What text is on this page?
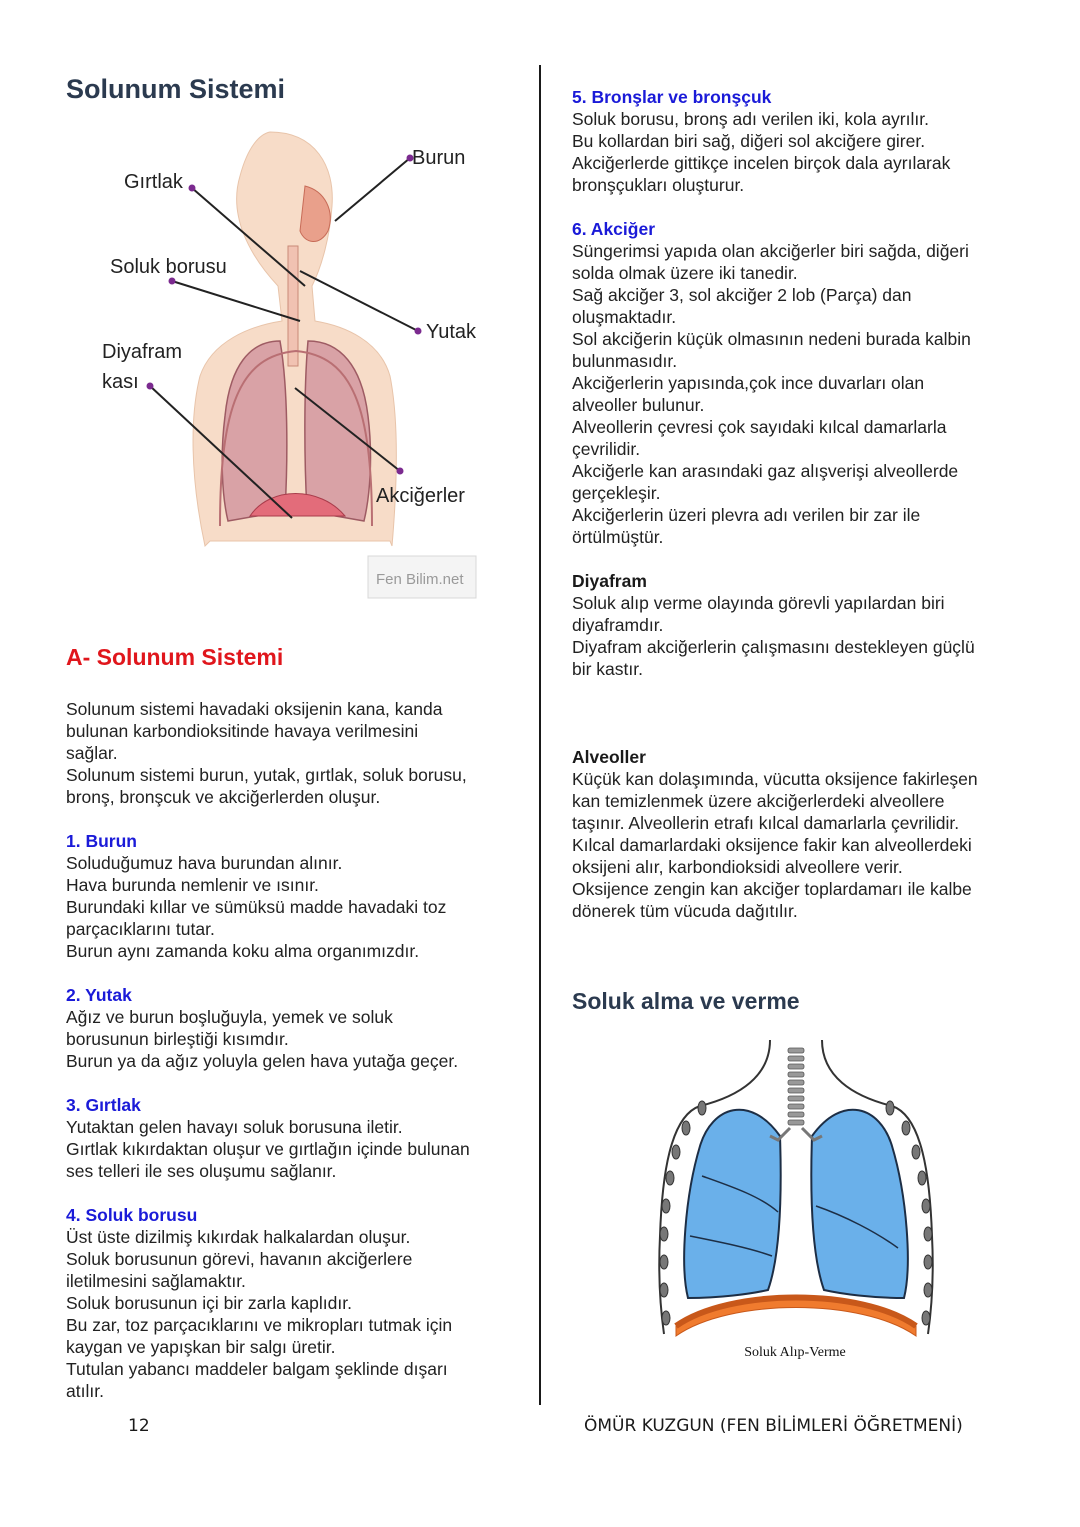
Solunum Sistemi
Gırtlak
Burun
Soluk borusu
Yutak
Diyafram
kası
Akciğerler
Fen Bilim.net
A- Solunum Sistemi
Solunum sistemi havadaki oksijenin kana, kanda
bulunan karbondioksitinde havaya verilmesini
sağlar.
Solunum sistemi burun, yutak, gırtlak, soluk borusu,
bronş, bronşcuk ve akciğerlerden oluşur.
1. Burun
Soluduğumuz hava burundan alınır.
Hava burunda nemlenir ve ısınır.
Burundaki kıllar ve sümüksü madde havadaki toz
parçacıklarını tutar.
Burun aynı zamanda koku alma organımızdır.
2. Yutak
Ağız ve burun boşluğuyla, yemek ve soluk
borusunun birleştiği kısımdır.
Burun ya da ağız yoluyla gelen hava yutağa geçer.
3. Gırtlak
Yutaktan gelen havayı soluk borusuna iletir.
Gırtlak kıkırdaktan oluşur ve gırtlağın içinde bulunan
ses telleri ile ses oluşumu sağlanır.
4. Soluk borusu
Üst üste dizilmiş kıkırdak halkalardan oluşur.
Soluk borusunun görevi, havanın akciğerlere
iletilmesini sağlamaktır.
Soluk borusunun içi bir zarla kaplıdır.
Bu zar, toz parçacıklarını ve mikropları tutmak için
kaygan ve yapışkan bir salgı üretir.
Tutulan yabancı maddeler balgam şeklinde dışarı
atılır.
5. Bronşlar ve bronşçuk
Soluk borusu, bronş adı verilen iki, kola ayrılır.
Bu kollardan biri sağ, diğeri sol akciğere girer.
Akciğerlerde gittikçe incelen birçok dala ayrılarak
bronşçukları oluşturur.
6. Akciğer
Süngerimsi yapıda olan akciğerler biri sağda, diğeri
solda olmak üzere iki tanedir.
Sağ akciğer 3, sol akciğer 2 lob (Parça) dan
oluşmaktadır.
Sol akciğerin küçük olmasının nedeni burada kalbin
bulunmasıdır.
Akciğerlerin yapısında,çok ince duvarları olan
alveoller bulunur.
Alveollerin çevresi çok sayıdaki kılcal damarlarla
çevrilidir.
Akciğerle kan arasındaki gaz alışverişi alveollerde
gerçekleşir.
Akciğerlerin üzeri plevra adı verilen bir zar ile
örtülmüştür.
Diyafram
Soluk alıp verme olayında görevli yapılardan biri
diyaframdır.
Diyafram akciğerlerin çalışmasını destekleyen güçlü
bir kastır.
Alveoller
Küçük kan dolaşımında, vücutta oksijence fakirleşen
kan temizlenmek üzere akciğerlerdeki alveollere
taşınır. Alveollerin etrafı kılcal damarlarla çevrilidir.
Kılcal damarlardaki oksijence fakir kan alveollerdeki
oksijeni alır, karbondioksidi alveollere verir.
Oksijence zengin kan akciğer toplardamarı ile kalbe
dönerek tüm vücuda dağıtılır.
Soluk alma ve verme
Soluk Alıp-Verme
12	ÖMÜR KUZGUN (FEN BİLİMLERİ ÖĞRETMENİ)
